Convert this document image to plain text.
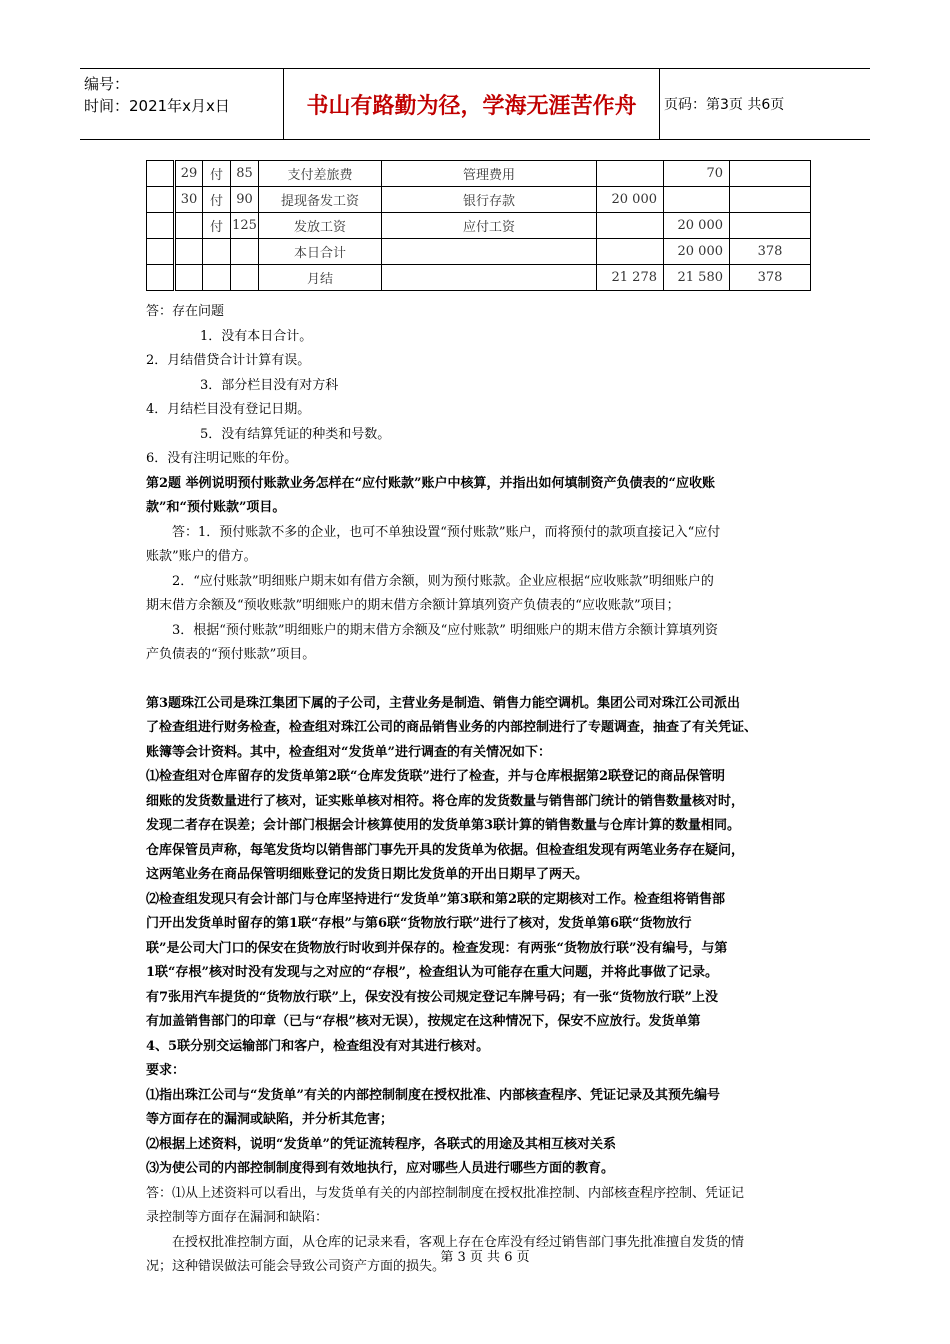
编号：
时间：2021年x月x日	书山有路勤为径，学海无涯苦作舟	页码：第3页 共6页
	29	付	85	支付差旅费	管理费用		70	
	30	付	90	提现备发工资	银行存款	20 000		
		付	125	发放工资	应付工资		20 000	
				本日合计			20 000	378
				月结		21 278	21 580	378

答：存在问题

1．没有本日合计。
2．月结借贷合计计算有误。
3．部分栏目没有对方科
4．月结栏目没有登记日期。
5．没有结算凭证的种类和号数。
6．没有注明记账的年份。

第2题 举例说明预付账款业务怎样在“应付账款”账户中核算，并指出如何填制资产负债表的“应收账

款”和“预付账款”项目。

答：1．预付账款不多的企业，也可不单独设置“预付账款”账户，而将预付的款项直接记入“应付

账款”账户的借方。

2．“应付账款”明细账户期末如有借方余额，则为预付账款。企业应根据“应收账款”明细账户的

期末借方余额及“预收账款”明细账户的期末借方余额计算填列资产负债表的“应收账款”项目；

3．根据“预付账款”明细账户的期末借方余额及“应付账款” 明细账户的期末借方余额计算填列资

产负债表的“预付账款”项目。

第3题珠江公司是珠江集团下属的子公司，主营业务是制造、销售力能空调机。集团公司对珠江公司派出

了检查组进行财务检查，检查组对珠江公司的商品销售业务的内部控制进行了专题调查，抽查了有关凭证、

账簿等会计资料。其中，检查组对“发货单”进行调查的有关情况如下：

⑴检查组对仓库留存的发货单第2联“仓库发货联”进行了检查，并与仓库根据第2联登记的商品保管明

细账的发货数量进行了核对，证实账单核对相符。将仓库的发货数量与销售部门统计的销售数量核对时，

发现二者存在误差；会计部门根据会计核算使用的发货单第3联计算的销售数量与仓库计算的数量相同。

仓库保管员声称，每笔发货均以销售部门事先开具的发货单为依据。但检查组发现有两笔业务存在疑问，

这两笔业务在商品保管明细账登记的发货日期比发货单的开出日期早了两天。

⑵检查组发现只有会计部门与仓库坚持进行“发货单”第3联和第2联的定期核对工作。检查组将销售部

门开出发货单时留存的第1联“存根”与第6联“货物放行联”进行了核对，发货单第6联“货物放行

联”是公司大门口的保安在货物放行时收到并保存的。检查发现：有两张“货物放行联”没有编号，与第

1联“存根”核对时没有发现与之对应的“存根”，检查组认为可能存在重大问题，并将此事做了记录。

有7张用汽车提货的“货物放行联”上，保安没有按公司规定登记车牌号码；有一张“货物放行联”上没

有加盖销售部门的印章（已与“存根”核对无误），按规定在这种情况下，保安不应放行。发货单第

4、5联分别交运输部门和客户，检查组没有对其进行核对。

要求：

⑴指出珠江公司与“发货单”有关的内部控制制度在授权批准、内部核查程序、凭证记录及其预先编号

等方面存在的漏洞或缺陷，并分析其危害；

⑵根据上述资料，说明“发货单”的凭证流转程序，各联式的用途及其相互核对关系

⑶为使公司的内部控制制度得到有效地执行，应对哪些人员进行哪些方面的教育。

答：⑴从上述资料可以看出，与发货单有关的内部控制制度在授权批准控制、内部核查程序控制、凭证记

录控制等方面存在漏洞和缺陷：

在授权批准控制方面，从仓库的记录来看，客观上存在仓库没有经过销售部门事先批准擅自发货的情

况；这种错误做法可能会导致公司资产方面的损失。

第 3 页 共 6 页
